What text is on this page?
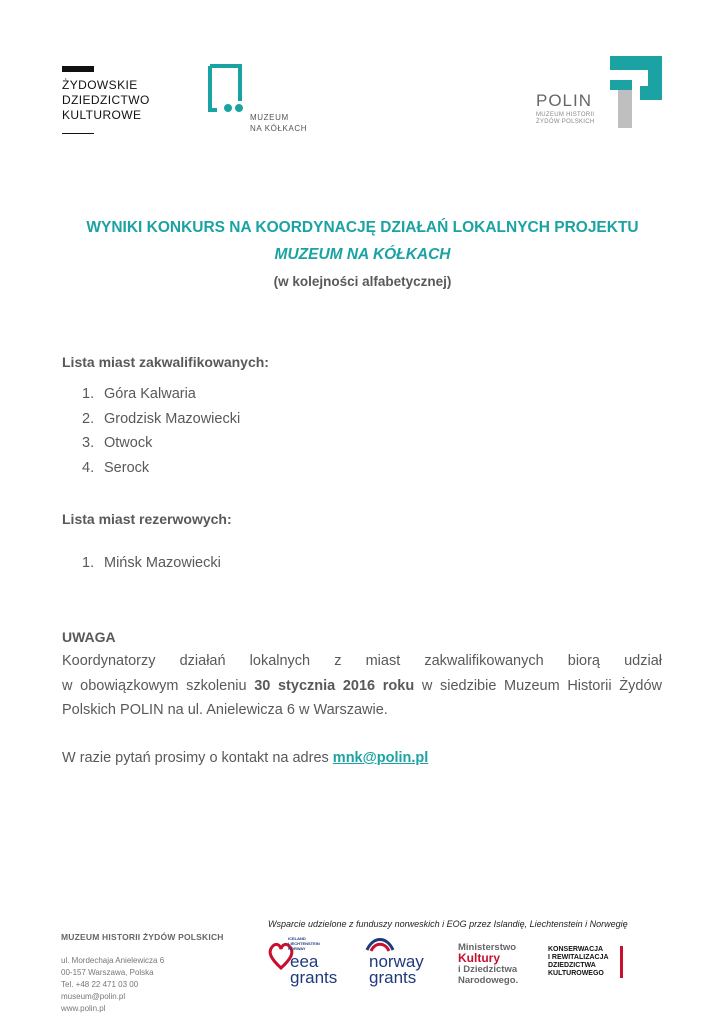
ŻYDOWSKIE
DZIEDZICTWO
KULTUROWE	MUZEUM
NA KÓŁKACH
POLIN
MUZEUM HISTORII
ŻYDÓW POLSKICH
WYNIKI KONKURS NA KOORDYNACJĘ DZIAŁAŃ LOKALNYCH PROJEKTU
MUZEUM NA KÓŁKACH
(w kolejności alfabetycznej)
Lista miast zakwalifikowanych:
1. Góra Kalwaria
2. Grodzisk Mazowiecki
3. Otwock
4. Serock
Lista miast rezerwowych:
1. Mińsk Mazowiecki
UWAGA
Koordynatorzy działań lokalnych z miast zakwalifikowanych biorą udział
w obowiązkowym szkoleniu 30 stycznia 2016 roku w siedzibie Muzeum Historii Żydów
Polskich POLIN na ul. Anielewicza 6 w Warszawie.
W razie pytań prosimy o kontakt na adres mnk@polin.pl

MUZEUM HISTORII ŻYDÓW POLSKICH

ul. Mordechaja Anielewicza 6
00-157 Warszawa, Polska
Tel. +48 22 471 03 00
museum@polin.pl
www.polin.pl

Wsparcie udzielone z funduszy norweskich i EOG przez Islandię, Liechtenstein i Norwegię
ICELAND
LIECHTENSTEIN
NORWAY
eea
grants
norway
grants
Ministerstwo
Kultury
i Dziedzictwa
Narodowego.
KONSERWACJA
I REWITALIZACJA
DZIEDZICTWA
KULTUROWEGO
